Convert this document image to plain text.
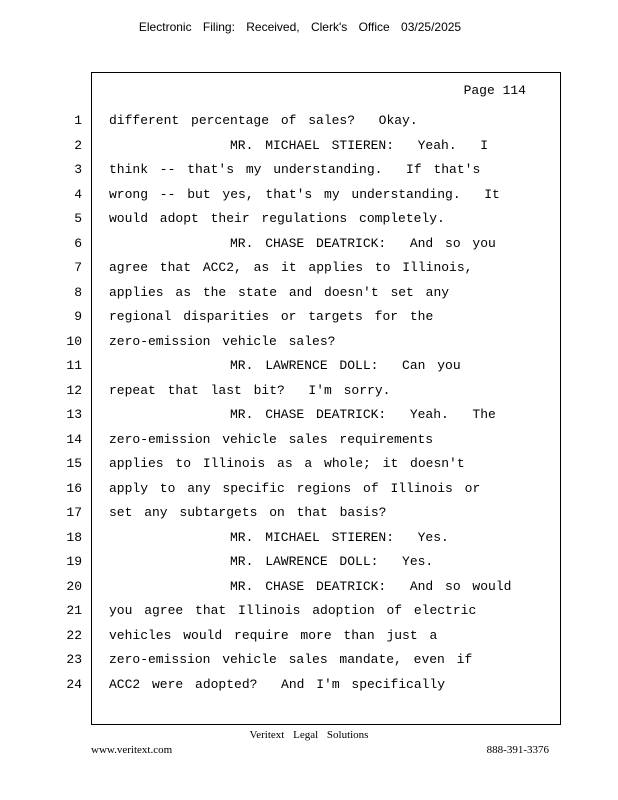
Electronic Filing: Received, Clerk's Office 03/25/2025
Page 114
1
2
3
4
5
6
7
8
9
10
11
12
13
14
15
16
17
18
19
20
21
22
23
24
different percentage of sales?  Okay.
MR. MICHAEL STIEREN:  Yeah.  I
think -- that's my understanding.  If that's
wrong -- but yes, that's my understanding.  It
would adopt their regulations completely.
MR. CHASE DEATRICK:  And so you
agree that ACC2, as it applies to Illinois,
applies as the state and doesn't set any
regional disparities or targets for the
zero-emission vehicle sales?
MR. LAWRENCE DOLL:  Can you
repeat that last bit?  I'm sorry.
MR. CHASE DEATRICK:  Yeah.  The
zero-emission vehicle sales requirements
applies to Illinois as a whole; it doesn't
apply to any specific regions of Illinois or
set any subtargets on that basis?
MR. MICHAEL STIEREN:  Yes.
MR. LAWRENCE DOLL:  Yes.
MR. CHASE DEATRICK:  And so would
you agree that Illinois adoption of electric
vehicles would require more than just a
zero-emission vehicle sales mandate, even if
ACC2 were adopted?  And I'm specifically
Veritext Legal Solutions
www.veritext.com	888-391-3376
